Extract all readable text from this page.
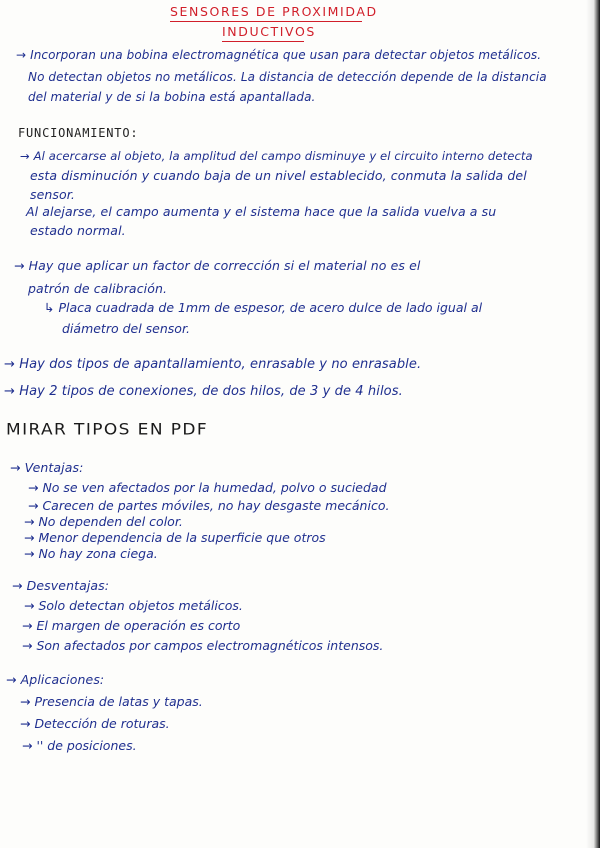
SENSORES DE PROXIMIDAD
INDUCTIVOS
→ Incorporan una bobina electromagnética que usan para detectar objetos metálicos.
No detectan objetos no metálicos. La distancia de detección depende de la distancia
del material y de si la bobina está apantallada.
FUNCIONAMIENTO:
→ Al acercarse al objeto, la amplitud del campo disminuye y el circuito interno detecta
esta disminución y cuando baja de un nivel establecido, conmuta la salida del
sensor.
Al alejarse, el campo aumenta y el sistema hace que la salida vuelva a su
estado normal.
→ Hay que aplicar un factor de corrección si el material no es el
patrón de calibración.
↳ Placa cuadrada de 1mm de espesor, de acero dulce de lado igual al
diámetro del sensor.
→ Hay dos tipos de apantallamiento, enrasable y no enrasable.
→ Hay 2 tipos de conexiones, de dos hilos, de 3 y de 4 hilos.
MIRAR TIPOS EN PDF
→ Ventajas:
→ No se ven afectados por la humedad, polvo o suciedad
→ Carecen de partes móviles, no hay desgaste mecánico.
→ No dependen del color.
→ Menor dependencia de la superficie que otros
→ No hay zona ciega.
→ Desventajas:
→ Solo detectan objetos metálicos.
→ El margen de operación es corto
→ Son afectados por campos electromagnéticos intensos.
→ Aplicaciones:
→ Presencia de latas y tapas.
→ Detección de roturas.
→ '' de posiciones.
